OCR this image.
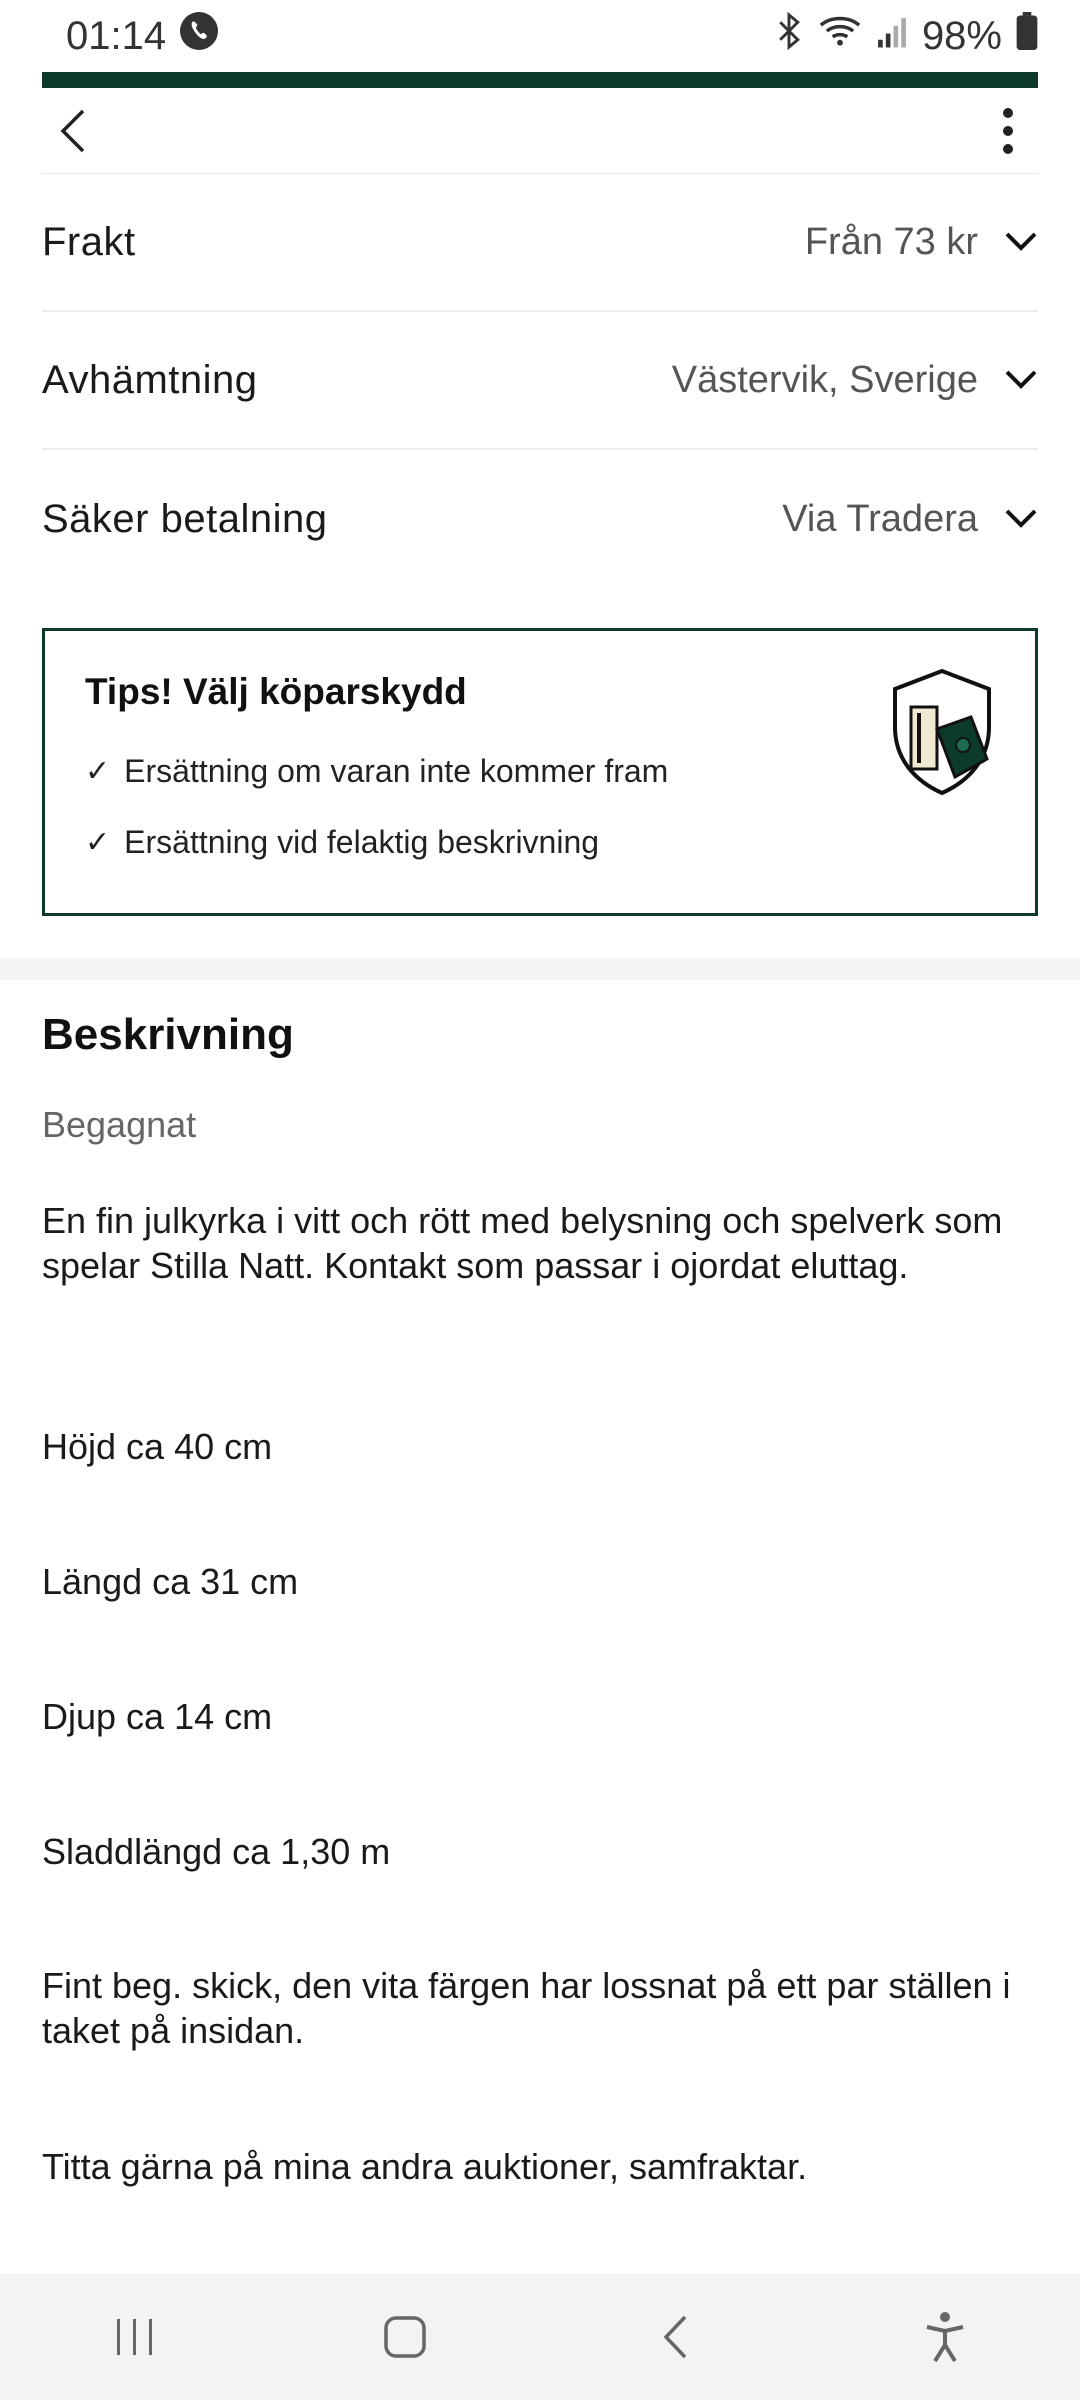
01:14	98%
Frakt	Från 73 kr
Avhämtning	Västervik, Sverige
Säker betalning	Via Tradera
Tips! Välj köparskydd
✓ Ersättning om varan inte kommer fram
✓ Ersättning vid felaktig beskrivning
Beskrivning
Begagnat
En fin julkyrka i vitt och rött med belysning och spelverk som spelar Stilla Natt. Kontakt som passar i ojordat eluttag.
Höjd ca 40 cm
Längd ca 31 cm
Djup ca 14 cm
Sladdlängd ca 1,30 m
Fint beg. skick, den vita färgen har lossnat på ett par ställen i taket på insidan.
Titta gärna på mina andra auktioner, samfraktar.
